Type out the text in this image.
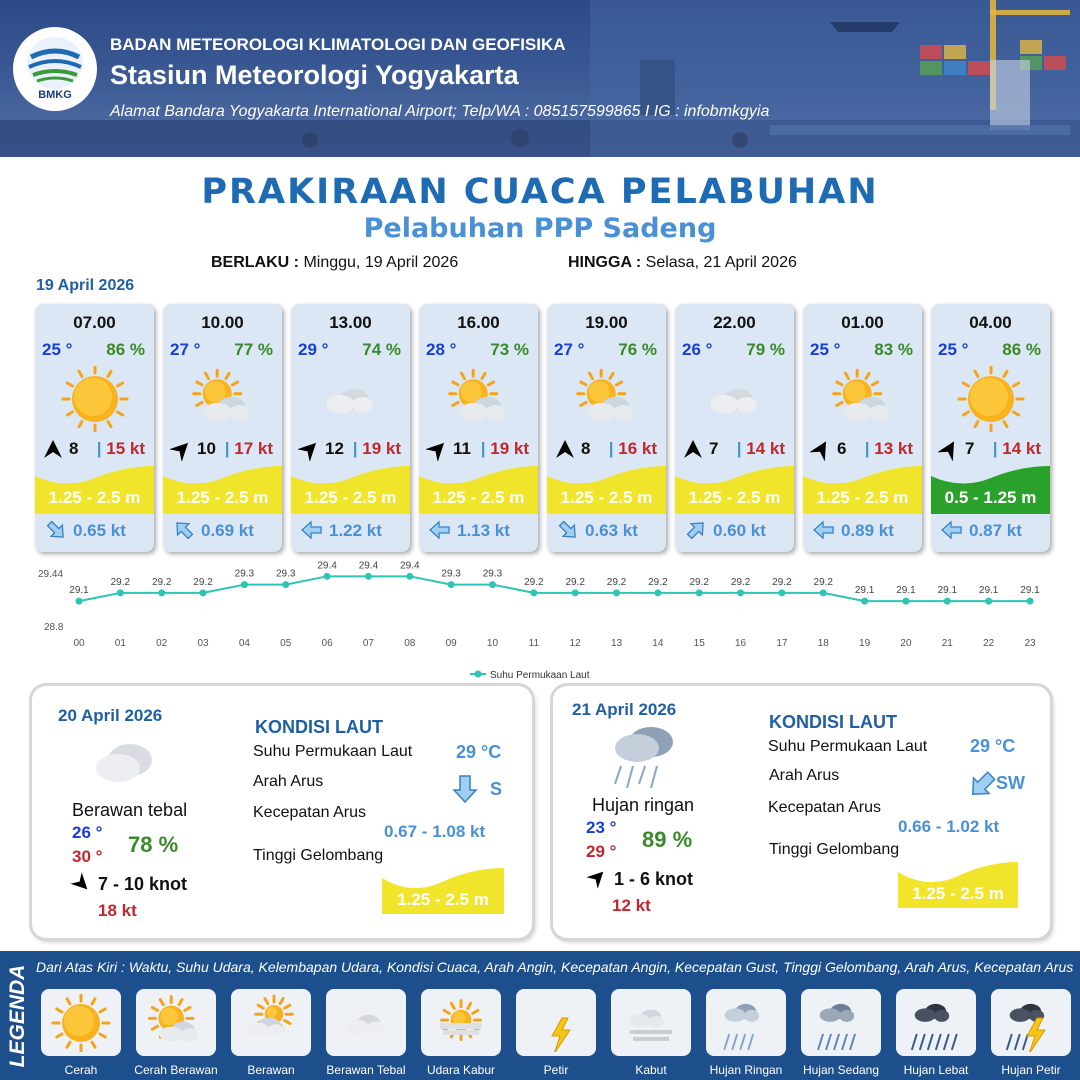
BMKG
BADAN METEOROLOGI KLIMATOLOGI DAN GEOFISIKA
Stasiun Meteorologi Yogyakarta
Alamat Bandara Yogyakarta International Airport; Telp/WA : 085157599865 I IG : infobmkgyia
PRAKIRAAN CUACA PELABUHAN
Pelabuhan PPP Sadeng
BERLAKU : Minggu, 19 April 2026	HINGGA : Selasa, 21 April 2026
19 April 2026
07.00
25 ° 86 %
8 | 15 kt
1.25 - 2.5 m
0.65 kt
10.00
27 ° 77 %
10 | 17 kt
1.25 - 2.5 m
0.69 kt
13.00
29 ° 74 %
12 | 19 kt
1.25 - 2.5 m
1.22 kt
16.00
28 ° 73 %
11 | 19 kt
1.25 - 2.5 m
1.13 kt
19.00
27 ° 76 %
8 | 16 kt
1.25 - 2.5 m
0.63 kt
22.00
26 ° 79 %
7 | 14 kt
1.25 - 2.5 m
0.60 kt
01.00
25 ° 83 %
6 | 13 kt
1.25 - 2.5 m
0.89 kt
04.00
25 ° 86 %
7 | 14 kt
0.5 - 1.25 m
0.87 kt
29.44
28.8
00	01	02	03	04	05	06	07	08	09	10	11	12	13	14	15	16	17	18	19	20	21	22	23
29.1
29.2 29.2 29.2
29.3 29.3
29.4 29.4 29.4
29.3 29.3
29.2 29.2 29.2 29.2 29.2 29.2 29.2 29.2
29.1 29.1 29.1 29.1 29.1
Suhu Permukaan Laut
20 April 2026
Berawan tebal
26 °
30 ° 78 %
7 - 10 knot
18 kt
KONDISI LAUT
Suhu Permukaan Laut 29 °C
Arah Arus	S
Kecepatan Arus
0.67 - 1.08 kt
Tinggi Gelombang
1.25 - 2.5 m
21 April 2026
Hujan ringan
23 °
29 ° 89 %
1 - 6 knot
12 kt
KONDISI LAUT
Suhu Permukaan Laut 29 °C
Arah Arus	SW
Kecepatan Arus
0.66 - 1.02 kt
Tinggi Gelombang
1.25 - 2.5 m
LEGENDA Dari Atas Kiri : Waktu, Suhu Udara, Kelembapan Udara, Kondisi Cuaca, Arah Angin, Kecepatan Angin, Kecepatan Gust, Tinggi Gelombang, Arah Arus, Kecepatan Arus
Cerah	Cerah Berawan	Berawan	Berawan Tebal	Udara Kabur	Petir	Kabut	Hujan Ringan	Hujan Sedang	Hujan Lebat	Hujan Petir
